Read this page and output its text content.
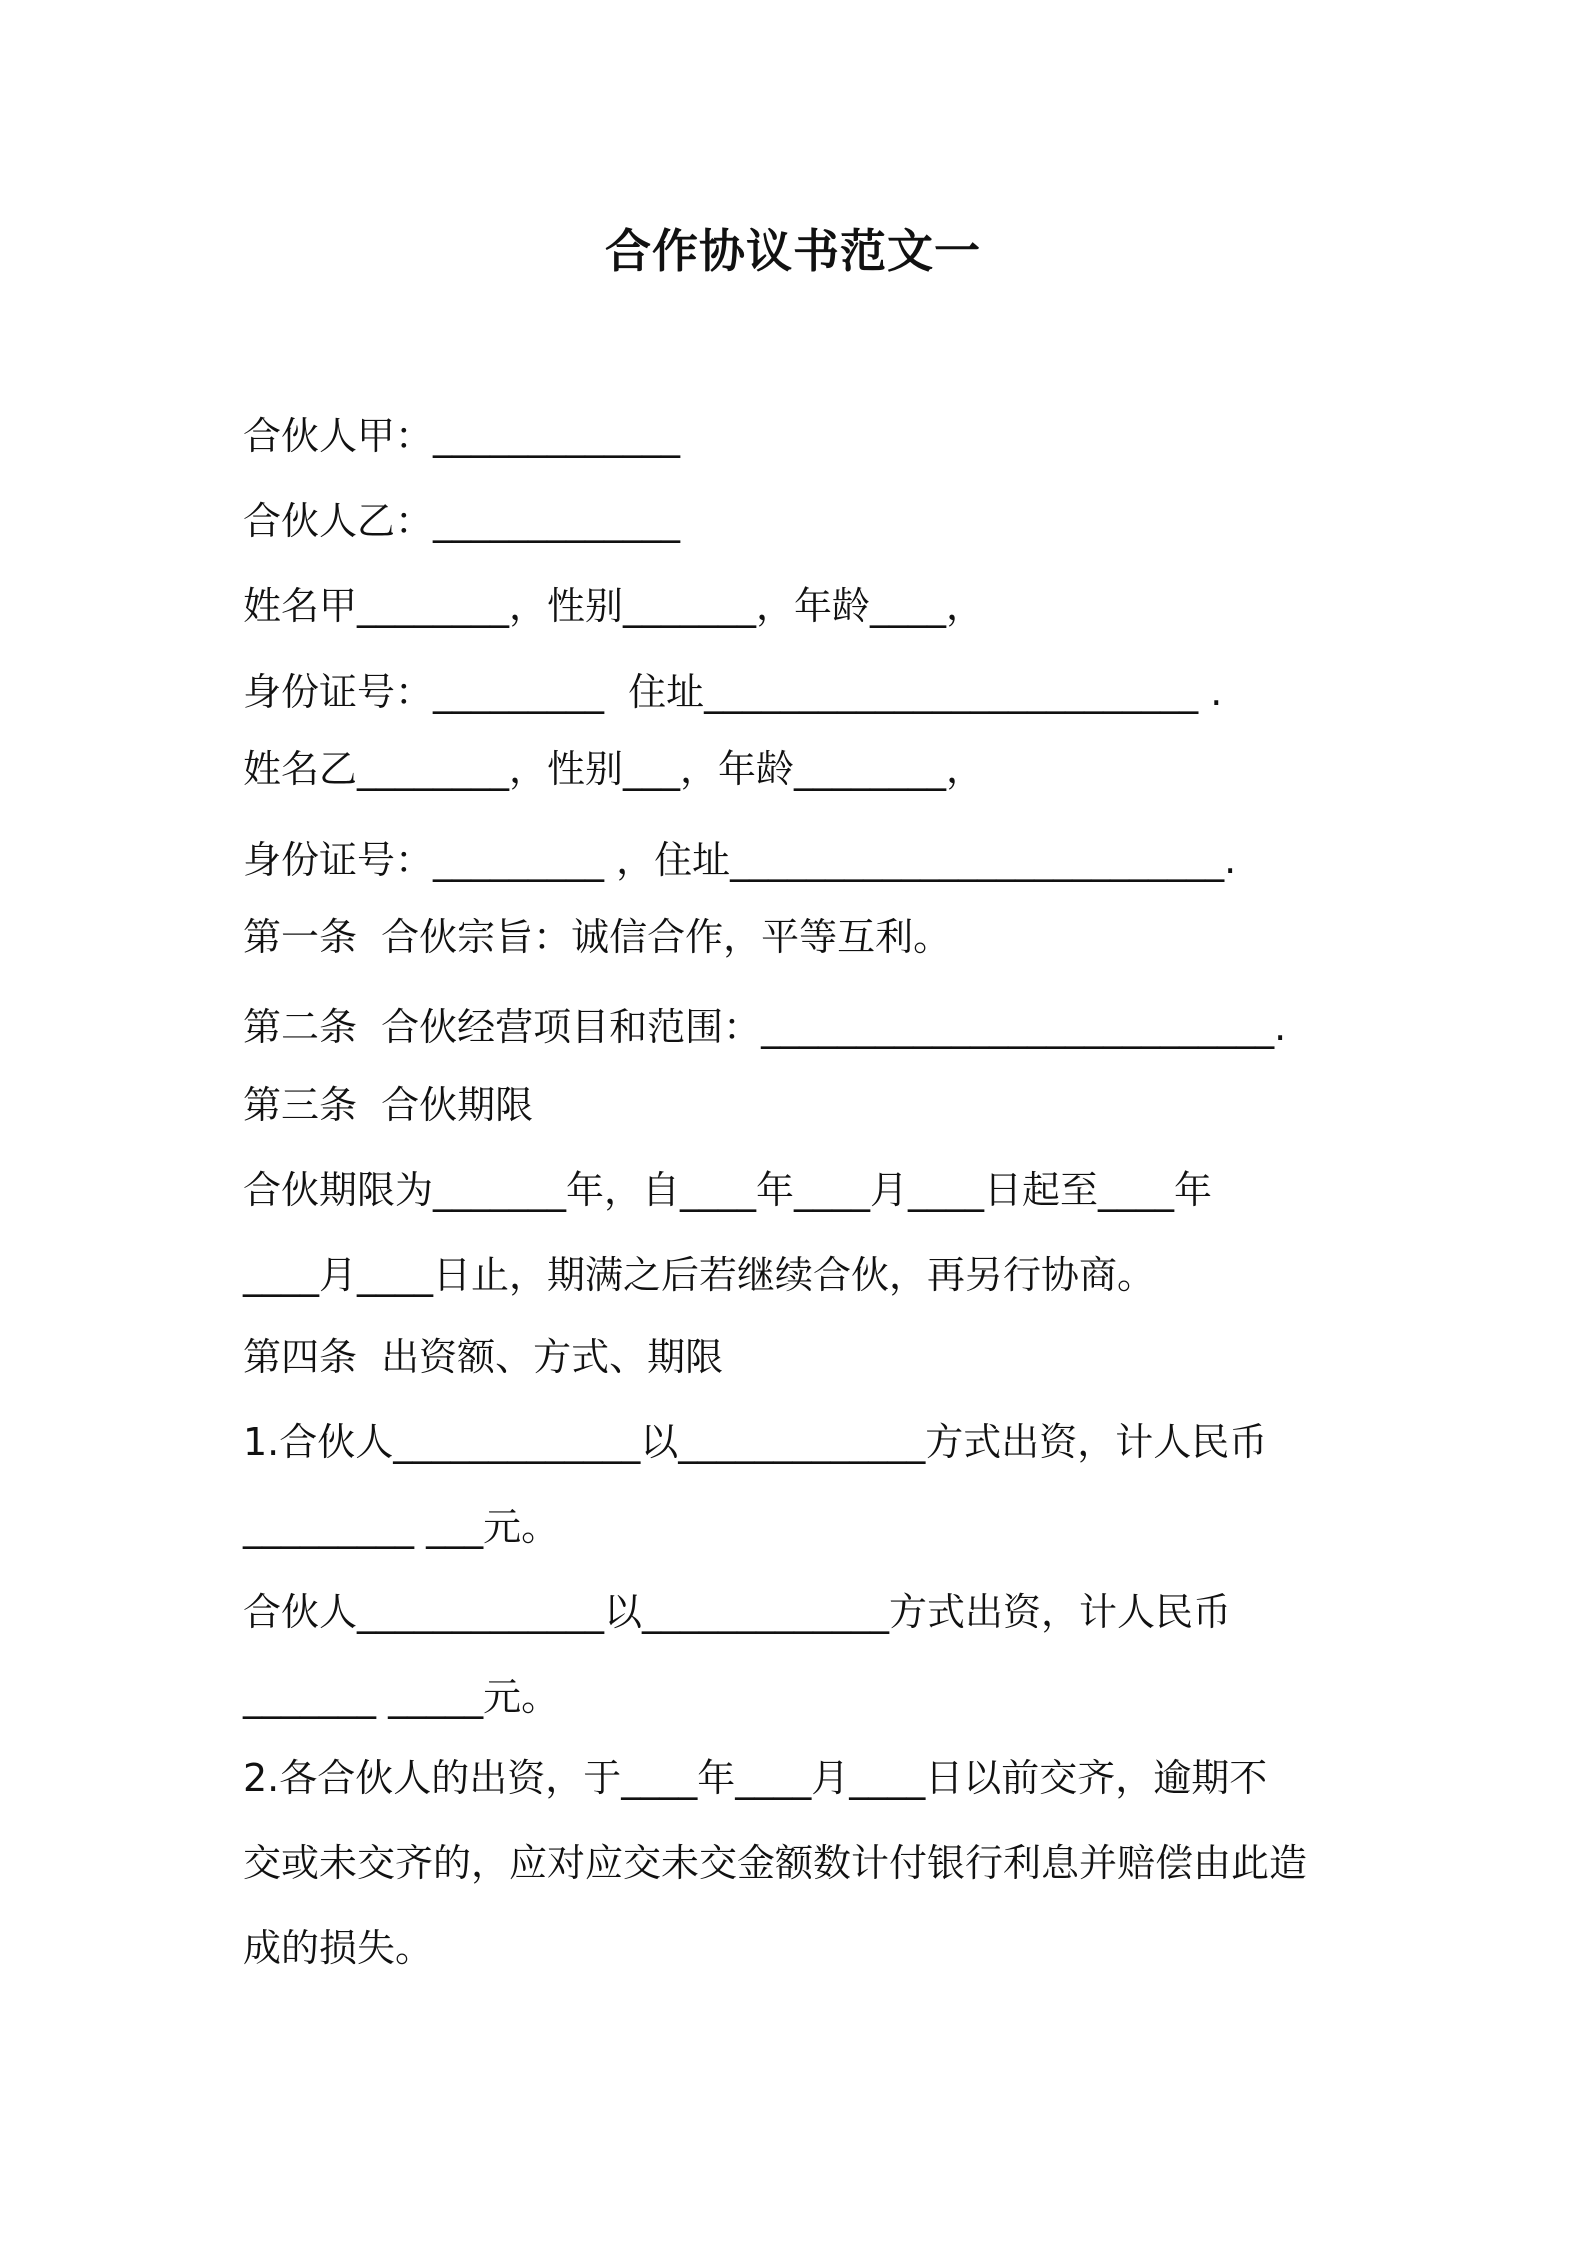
合作协议书范文一
合伙人甲：_____________
合伙人乙：_____________
姓名甲________，性别_______，年龄____，
身份证号：_________  住址__________________________ .
姓名乙________，性别___，年龄________，
身份证号：_________ ，住址__________________________.
第一条  合伙宗旨：诚信合作，平等互利。
第二条  合伙经营项目和范围：___________________________.
第三条  合伙期限
合伙期限为_______年，自____年____月____日起至____年
____月____日止，期满之后若继续合伙，再另行协商。
第四条  出资额、方式、期限
1.合伙人_____________以_____________方式出资，计人民币
_________ ___元。
合伙人_____________以_____________方式出资，计人民币
_______ _____元。
2.各合伙人的出资，于____年____月____日以前交齐，逾期不
交或未交齐的，应对应交未交金额数计付银行利息并赔偿由此造
成的损失。
